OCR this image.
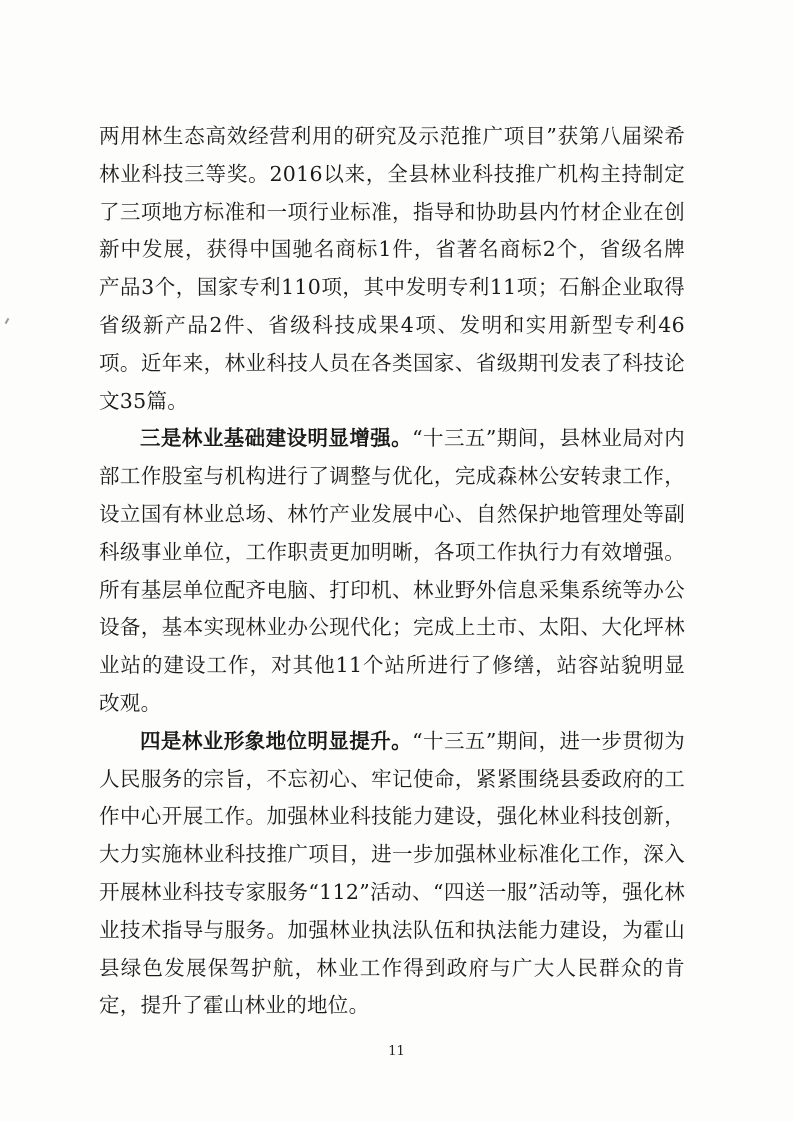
两用林生态高效经营利用的研究及示范推广项目”获第八届梁希林业科技三等奖。2016以来，全县林业科技推广机构主持制定了三项地方标准和一项行业标准，指导和协助县内竹材企业在创新中发展，获得中国驰名商标1件，省著名商标2个，省级名牌产品3个，国家专利110项，其中发明专利11项；石斛企业取得省级新产品2件、省级科技成果4项、发明和实用新型专利46项。近年来，林业科技人员在各类国家、省级期刊发表了科技论文35篇。

三是林业基础建设明显增强。“十三五”期间，县林业局对内部工作股室与机构进行了调整与优化，完成森林公安转隶工作，设立国有林业总场、林竹产业发展中心、自然保护地管理处等副科级事业单位，工作职责更加明晰，各项工作执行力有效增强。所有基层单位配齐电脑、打印机、林业野外信息采集系统等办公设备，基本实现林业办公现代化；完成上土市、太阳、大化坪林业站的建设工作，对其他11个站所进行了修缮，站容站貌明显改观。

四是林业形象地位明显提升。“十三五”期间，进一步贯彻为人民服务的宗旨，不忘初心、牢记使命，紧紧围绕县委政府的工作中心开展工作。加强林业科技能力建设，强化林业科技创新，大力实施林业科技推广项目，进一步加强林业标准化工作，深入开展林业科技专家服务“112”活动、“四送一服”活动等，强化林业技术指导与服务。加强林业执法队伍和执法能力建设，为霍山县绿色发展保驾护航，林业工作得到政府与广大人民群众的肯定，提升了霍山林业的地位。

11
